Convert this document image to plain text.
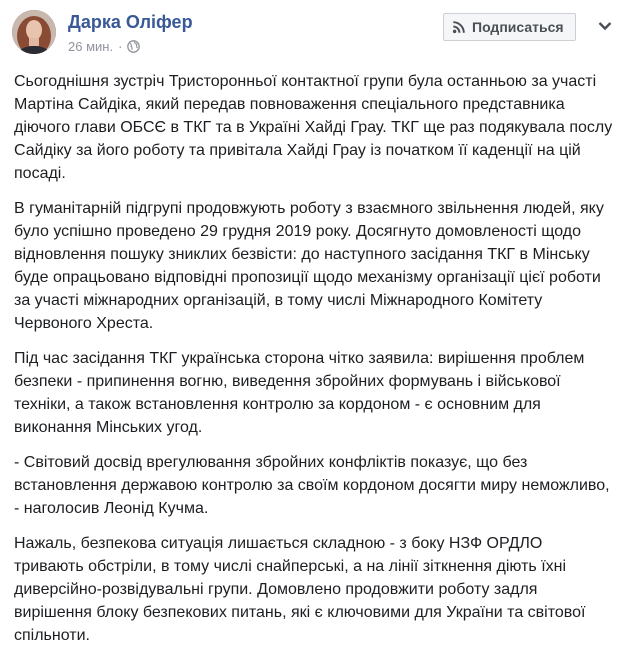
Дарка Оліфер
26 мин. ·
Подписаться

Сьогоднішня зустріч Тристоронньої контактної групи була останньою за участі Мартіна Сайдіка, який передав повноваження спеціального представника діючого глави ОБСЄ в ТКГ та в Україні Хайді Грау. ТКГ ще раз подякувала послу Сайдіку за його роботу та привітала Хайді Грау із початком її каденції на цій посаді.

В гуманітарній підгрупі продовжують роботу з взаємного звільнення людей, яку було успішно проведено 29 грудня 2019 року. Досягнуто домовленості щодо відновлення пошуку зниклих безвісти: до наступного засідання ТКГ в Мінську буде опрацьовано відповідні пропозиції щодо механізму організації цієї роботи за участі міжнародних організацій, в тому числі Міжнародного Комітету Червоного Хреста.

Під час засідання ТКГ українська сторона чітко заявила: вирішення проблем безпеки - припинення вогню, виведення збройних формувань і військової техніки, а також встановлення контролю за кордоном - є основним для виконання Мінських угод.

- Світовий досвід врегулювання збройних конфліктів показує, що без встановлення державою контролю за своїм кордоном досягти миру неможливо, - наголосив Леонід Кучма.

Нажаль, безпекова ситуація лишається складною - з боку НЗФ ОРДЛО тривають обстріли, в тому числі снайперські, а на лінії зіткнення діють їхні диверсійно-розвідувальні групи. Домовлено продовжити роботу задля вирішення блоку безпекових питань, які є ключовими для України та світової спільноти.
